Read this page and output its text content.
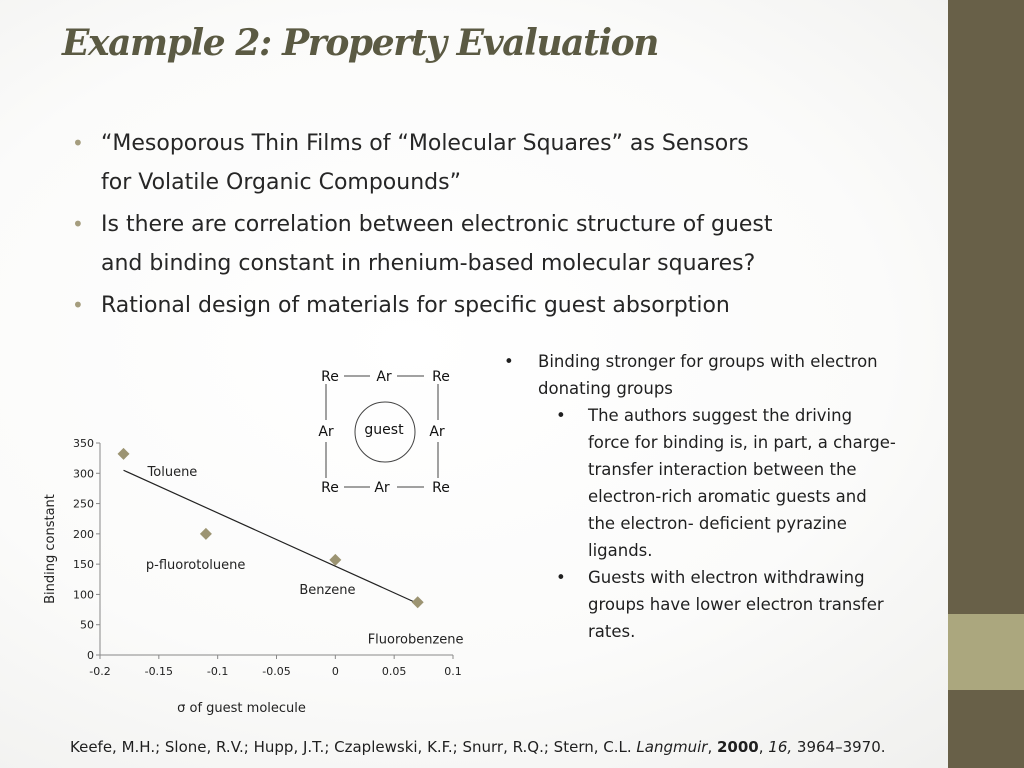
Example 2: Property Evaluation
• “Mesoporous Thin Films of “Molecular Squares” as Sensors
for Volatile Organic Compounds”
• Is there are correlation between electronic structure of guest
and binding constant in rhenium-based molecular squares?
• Rational design of materials for specific guest absorption
Re	Ar	Re
Ar	Ar
Re	Ar	Re
guest
0
50
100
150
200
250
300
350
-0.2	-0.15	-0.1	-0.05	0	0.05	0.1
Toluene
p-fluorotoluene
Benzene
Fluorobenzene
σ of guest molecule
Binding constant
• Binding stronger for groups with electron
donating groups
• The authors suggest the driving
force for binding is, in part, a charge-
transfer interaction between the
electron-rich aromatic guests and
the electron- deficient pyrazine
ligands.
• Guests with electron withdrawing
groups have lower electron transfer
rates.
Keefe, M.H.; Slone, R.V.; Hupp, J.T.; Czaplewski, K.F.; Snurr, R.Q.; Stern, C.L. Langmuir, 2000, 16, 3964–3970.
